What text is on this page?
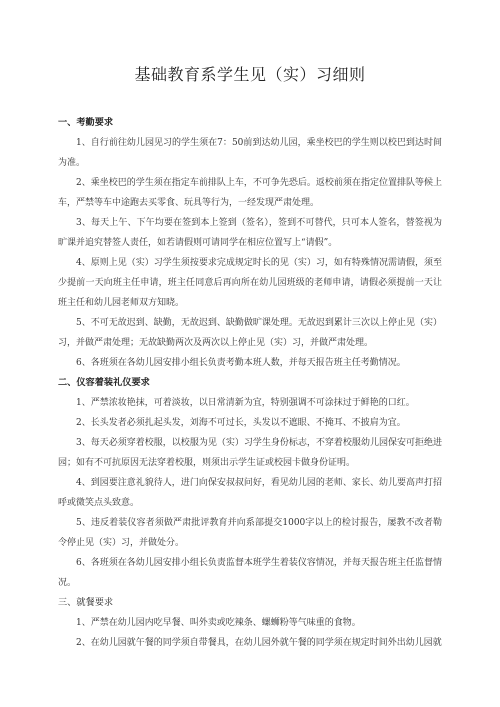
基础教育系学生见（实）习细则

一、考勤要求

1、自行前往幼儿园见习的学生须在7：50前到达幼儿园，乘坐校巴的学生则以校巴到达时间为准。

2、乘坐校巴的学生须在指定车前排队上车，不可争先恐后。返校前须在指定位置排队等候上车，严禁等车中途跑去买零食、玩具等行为，一经发现严肃处理。

3、每天上午、下午均要在签到本上签到（签名），签到不可替代，只可本人签名，替签视为旷课并追究替签人责任，如若请假则可请同学在相应位置写上“请假”。

4、原则上见（实）习学生须按要求完成规定时长的见（实）习，如有特殊情况需请假，须至少提前一天向班主任申请，班主任同意后再向所在幼儿园班级的老师申请，请假必须提前一天让班主任和幼儿园老师双方知晓。

5、不可无故迟到、缺勤，无故迟到、缺勤做旷课处理。无故迟到累计三次以上停止见（实）习，并做严肃处理；无故缺勤两次及两次以上停止见（实）习，并做严肃处理。

6、各班须在各幼儿园安排小组长负责考勤本班人数，并每天报告班主任考勤情况。

二、仪容着装礼仪要求

1、严禁浓妆艳抹，可着淡妆，以日常清新为宜，特别强调不可涂抹过于鲜艳的口红。

2、长头发者必须扎起头发，刘海不可过长，头发以不遮眼、不掩耳、不披肩为宜。

3、每天必须穿着校服，以校服为见（实）习学生身份标志，不穿着校服幼儿园保安可拒绝进园；如有不可抗原因无法穿着校服，则须出示学生证或校园卡做身份证明。

4、到园要注意礼貌待人，进门向保安叔叔问好，看见幼儿园的老师、家长、幼儿要高声打招呼或微笑点头致意。

5、违反着装仪容者须做严肃批评教育并向系部提交1000字以上的检讨报告，屡教不改者勒令停止见（实）习，并做处分。

6、各班须在各幼儿园安排小组长负责监督本班学生着装仪容情况，并每天报告班主任监督情况。

三、就餐要求

1、严禁在幼儿园内吃早餐、叫外卖或吃辣条、螺蛳粉等气味重的食物。

2、在幼儿园就午餐的同学须自带餐具，在幼儿园外就午餐的同学须在规定时间外出幼儿园就
